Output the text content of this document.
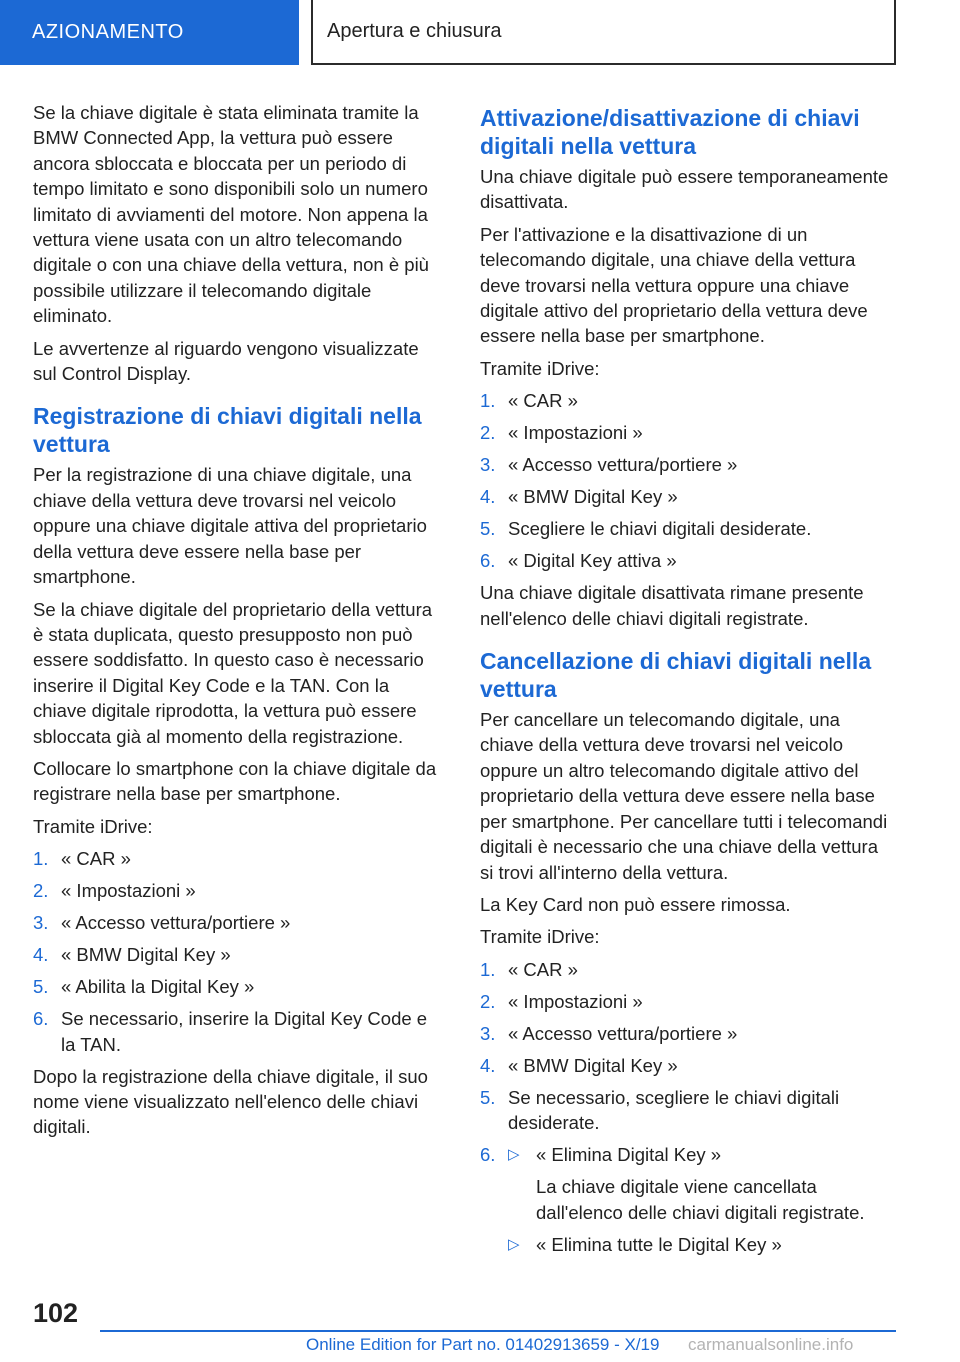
AZIONAMENTO	Apertura e chiusura

Se la chiave digitale è stata eliminata tramite la BMW Connected App, la vettura può essere ancora sbloccata e bloccata per un periodo di tempo limitato e sono disponibili solo un numero limitato di avviamenti del motore. Non appena la vettura viene usata con un altro telecomando digitale o con una chiave della vettura, non è più possibile utilizzare il telecomando digitale eliminato.

Le avvertenze al riguardo vengono visualizzate sul Control Display.

Registrazione di chiavi digitali nella vettura

Per la registrazione di una chiave digitale, una chiave della vettura deve trovarsi nel veicolo oppure una chiave digitale attiva del proprietario della vettura deve essere nella base per smartphone.

Se la chiave digitale del proprietario della vettura è stata duplicata, questo presupposto non può essere soddisfatto. In questo caso è necessario inserire il Digital Key Code e la TAN. Con la chiave digitale riprodotta, la vettura può essere sbloccata già al momento della registrazione.

Collocare lo smartphone con la chiave digitale da registrare nella base per smartphone.

Tramite iDrive:

1. « CAR »
2. « Impostazioni »
3. « Accesso vettura/portiere »
4. « BMW Digital Key »
5. « Abilita la Digital Key »
6. Se necessario, inserire la Digital Key Code e la TAN.

Dopo la registrazione della chiave digitale, il suo nome viene visualizzato nell'elenco delle chiavi digitali.

Attivazione/disattivazione di chiavi digitali nella vettura

Una chiave digitale può essere temporaneamente disattivata.

Per l'attivazione e la disattivazione di un telecomando digitale, una chiave della vettura deve trovarsi nella vettura oppure una chiave digitale attivo del proprietario della vettura deve essere nella base per smartphone.

Tramite iDrive:

1. « CAR »
2. « Impostazioni »
3. « Accesso vettura/portiere »
4. « BMW Digital Key »
5. Scegliere le chiavi digitali desiderate.
6. « Digital Key attiva »

Una chiave digitale disattivata rimane presente nell'elenco delle chiavi digitali registrate.

Cancellazione di chiavi digitali nella vettura

Per cancellare un telecomando digitale, una chiave della vettura deve trovarsi nel veicolo oppure un altro telecomando digitale attivo del proprietario della vettura deve essere nella base per smartphone. Per cancellare tutti i telecomandi digitali è necessario che una chiave della vettura si trovi all'interno della vettura.

La Key Card non può essere rimossa.

Tramite iDrive:

1. « CAR »
2. « Impostazioni »
3. « Accesso vettura/portiere »
4. « BMW Digital Key »
5. Se necessario, scegliere le chiavi digitali desiderate.
6. ▷ « Elimina Digital Key »
La chiave digitale viene cancellata dall'elenco delle chiavi digitali registrate.
▷ « Elimina tutte le Digital Key »
102
Online Edition for Part no. 01402913659 - X/19 carmanualsonline.info
